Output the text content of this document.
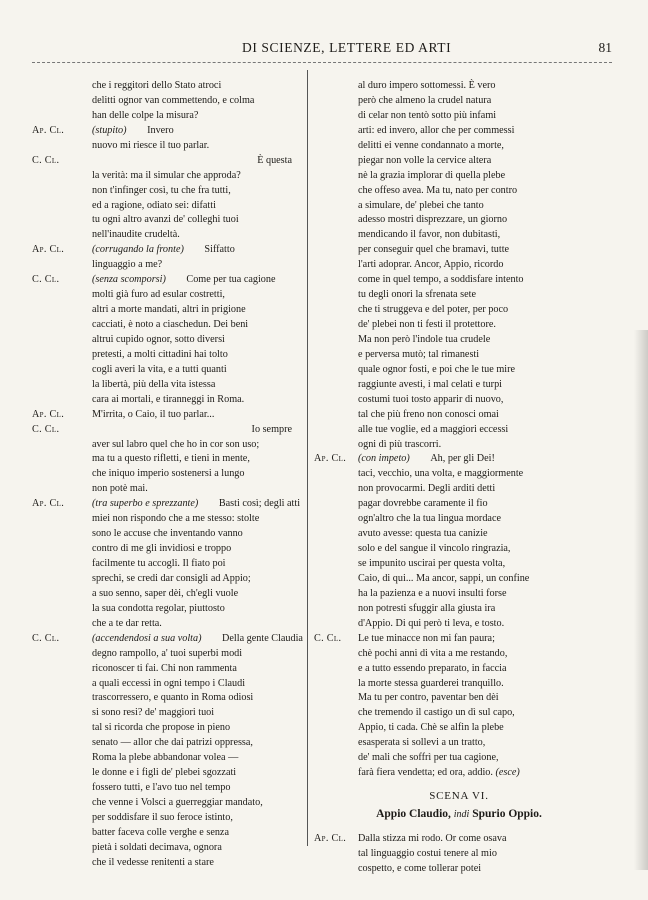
DI SCIENZE, LETTERE ED ARTI	81
che i reggitori dello Stato atroci
delitti ognor van commettendo, e colma
han delle colpe la misura?
Ap. Cl.	(stupito) Invero
nuovo mi riesce il tuo parlar.
C. Cl.	È questa
la verità: ma il simular che approda?
non t'infinger così, tu che fra tutti,
ed a ragione, odiato sei: difatti
tu ogni altro avanzi de' colleghi tuoi
nell'inaudite crudeltà.
Ap. Cl.	(corrugando la fronte) Siffatto
linguaggio a me?
C. Cl.	(senza scomporsi) Come per tua cagione
molti già furo ad esular costretti,
altri a morte mandati, altri in prigione
cacciati, è noto a ciaschedun. Dei beni
altrui cupido ognor, sotto diversi
pretesti, a molti cittadini hai tolto
cogli averi la vita, e a tutti quanti
la libertà, più della vita istessa
cara ai mortali, e tiranneggi in Roma.
Ap. Cl.	M'irrita, o Caio, il tuo parlar...
C. Cl.	Io sempre
aver sul labro quel che ho in cor son uso;
ma tu a questo rifletti, e tieni in mente,
che iniquo imperio sostenersi a lungo
non potè mai.
Ap. Cl.	(tra superbo e sprezzante) Basti così; degli atti
miei non rispondo che a me stesso: stolte
sono le accuse che inventando vanno
contro di me gli invidiosi e troppo
facilmente tu accogli. Il fiato poi
sprechi, se credi dar consigli ad Appio;
a suo senno, saper dèi, ch'egli vuole
la sua condotta regolar, piuttosto
che a te dar retta.
C. Cl.	(accendendosi a sua volta) Della gente Claudia
degno rampollo, a' tuoi superbi modi
riconoscer ti fai. Chi non rammenta
a quali eccessi in ogni tempo i Claudi
trascorressero, e quanto in Roma odiosi
si sono resi? de' maggiori tuoi
tal si ricorda che propose in pieno
senato — allor che dai patrizi oppressa,
Roma la plebe abbandonar volea —
le donne e i figli de' plebei sgozzati
fossero tutti, e l'avo tuo nel tempo
che venne i Volsci a guerreggiar mandato,
per soddisfare il suo feroce istinto,
batter faceva colle verghe e senza
pietà i soldati decimava, ognora
che il vedesse renitenti a stare
al duro impero sottomessi. È vero
però che almeno la crudel natura
di celar non tentò sotto più infami
arti: ed invero, allor che per commessi
delitti ei venne condannato a morte,
piegar non volle la cervice altera
nè la grazia implorar di quella plebe
che offeso avea. Ma tu, nato per contro
a simulare, de' plebei che tanto
adesso mostri disprezzare, un giorno
mendicando il favor, non dubitasti,
per conseguir quel che bramavi, tutte
l'arti adoprar. Ancor, Appio, ricordo
come in quel tempo, a soddisfare intento
tu degli onori la sfrenata sete
che ti struggeva e del poter, per poco
de' plebei non ti festi il protettore.
Ma non però l'indole tua crudele
e perversa mutò; tal rimanesti
quale ognor fosti, e poi che le tue mire
raggiunte avesti, i mal celati e turpi
costumi tuoi tosto apparir di nuovo,
tal che più freno non conosci omai
alle tue voglie, ed a maggiori eccessi
ogni dì più trascorri.
Ap. Cl. (con impeto) Ah, per gli Dei!
taci, vecchio, una volta, e maggiormente
non provocarmi. Degli arditi detti
pagar dovrebbe caramente il fio
ogn'altro che la tua lingua mordace
avuto avesse: questa tua canizie
solo e del sangue il vincolo ringrazia,
se impunito uscirai per questa volta,
Caio, di qui... Ma ancor, sappi, un confine
ha la pazienza e a nuovi insulti forse
non potresti sfuggir alla giusta ira
d'Appio. Di qui però ti leva, e tosto.
C. Cl. Le tue minacce non mi fan paura;
chè pochi anni di vita a me restando,
e a tutto essendo preparato, in faccia
la morte stessa guarderei tranquillo.
Ma tu per contro, paventar ben dèi
che tremendo il castigo un dì sul capo,
Appio, ti cada. Chè se alfin la plebe
esasperata si sollevi a un tratto,
de' mali che soffrì per tua cagione,
farà fiera vendetta; ed ora, addio. (esce)
SCENA VI.
Appio Claudio, indi Spurio Oppio.
Ap. Cl. Dalla stizza mi rodo. Or come osava
tal linguaggio costui tenere al mio
cospetto, e come tollerar potei
